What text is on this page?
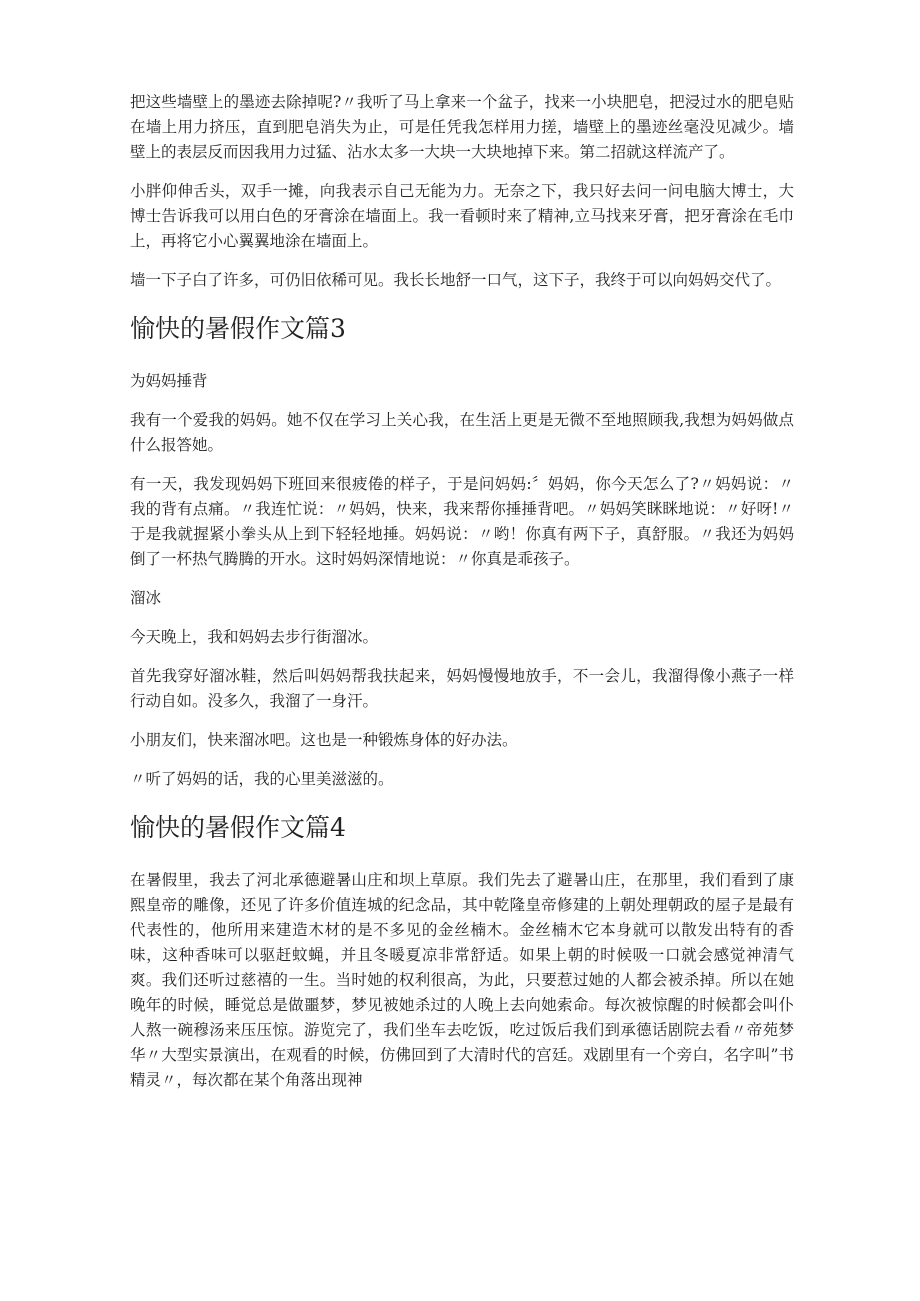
把这些墙壁上的墨迹去除掉呢?〃我听了马上拿来一个盆子，找来一小块肥皂，把浸过水的肥皂贴在墙上用力挤压，直到肥皂消失为止，可是任凭我怎样用力搓，墙壁上的墨迹丝毫没见减少。墙壁上的表层反而因我用力过猛、沾水太多一大块一大块地掉下来。第二招就这样流产了。

小胖仰伸舌头，双手一摊，向我表示自己无能为力。无奈之下，我只好去问一问电脑大博士，大博士告诉我可以用白色的牙膏涂在墙面上。我一看顿时来了精神,立马找来牙膏，把牙膏涂在毛巾上，再将它小心翼翼地涂在墙面上。

墙一下子白了许多，可仍旧依稀可见。我长长地舒一口气，这下子，我终于可以向妈妈交代了。

愉快的暑假作文篇3

为妈妈捶背

我有一个爱我的妈妈。她不仅在学习上关心我，在生活上更是无微不至地照顾我,我想为妈妈做点什么报答她。

有一天，我发现妈妈下班回来很疲倦的样子，于是问妈妈:〞妈妈，你今天怎么了?〃妈妈说：〃我的背有点痛。〃我连忙说：〃妈妈，快来，我来帮你捶捶背吧。〃妈妈笑眯眯地说：〃好呀!〃于是我就握紧小拳头从上到下轻轻地捶。妈妈说：〃哟！你真有两下子，真舒服。〃我还为妈妈倒了一杯热气腾腾的开水。这时妈妈深情地说：〃你真是乖孩子。

溜冰

今天晚上，我和妈妈去步行街溜冰。

首先我穿好溜冰鞋，然后叫妈妈帮我扶起来，妈妈慢慢地放手，不一会儿，我溜得像小燕子一样行动自如。没多久，我溜了一身汗。

小朋友们，快来溜冰吧。这也是一种锻炼身体的好办法。

〃听了妈妈的话，我的心里美滋滋的。

愉快的暑假作文篇4

在暑假里，我去了河北承德避暑山庄和坝上草原。我们先去了避暑山庄，在那里，我们看到了康熙皇帝的雕像，还见了许多价值连城的纪念品，其中乾隆皇帝修建的上朝处理朝政的屋子是最有代表性的，他所用来建造木材的是不多见的金丝楠木。金丝楠木它本身就可以散发出特有的香味，这种香味可以驱赶蚊蝇，并且冬暖夏凉非常舒适。如果上朝的时候吸一口就会感觉神清气爽。我们还听过慈禧的一生。当时她的权利很高，为此，只要惹过她的人都会被杀掉。所以在她晚年的时候，睡觉总是做噩梦，梦见被她杀过的人晚上去向她索命。每次被惊醒的时候都会叫仆人熬一碗穆汤来压压惊。游览完了，我们坐车去吃饭，吃过饭后我们到承德话剧院去看〃帝苑梦华〃大型实景演出，在观看的时候，仿佛回到了大清时代的宫廷。戏剧里有一个旁白，名字叫”书精灵〃，每次都在某个角落出现神
